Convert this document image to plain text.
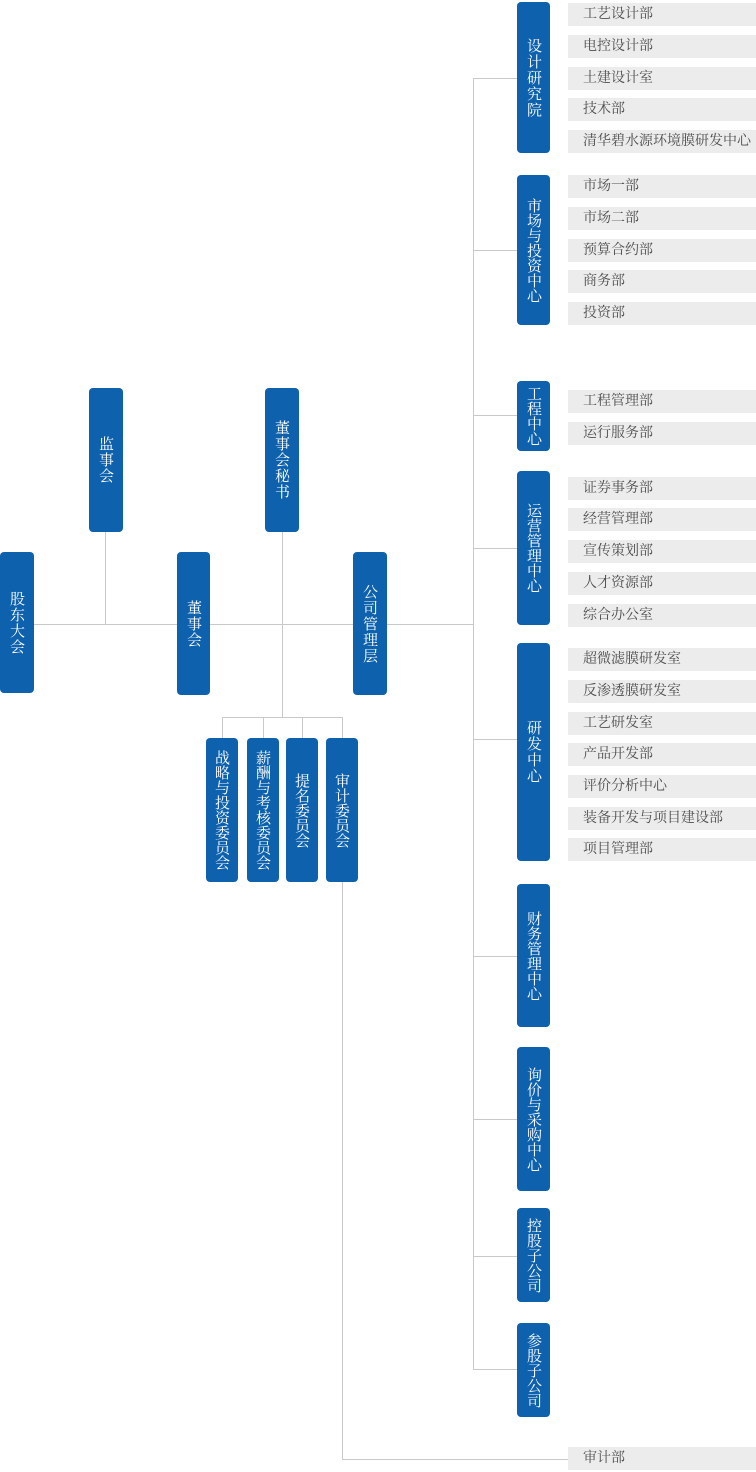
股东大会
监事会	董事会秘书
董事会	公司管理层
战略与投资委员会	薪酬与考核委员会	提名委员会	审计委员会
设计研究院
市场与投资中心
工程中心
运营管理中心
研发中心
财务管理中心
询价与采购中心
控股子公司
参股子公司
工艺设计部
电控设计部
土建设计室
技术部
清华碧水源环境膜研发中心
市场一部
市场二部
预算合约部
商务部
投资部
工程管理部
运行服务部
证券事务部
经营管理部
宣传策划部
人才资源部
综合办公室
超微滤膜研发室
反渗透膜研发室
工艺研发室
产品开发部
评价分析中心
装备开发与项目建设部
项目管理部
审计部
